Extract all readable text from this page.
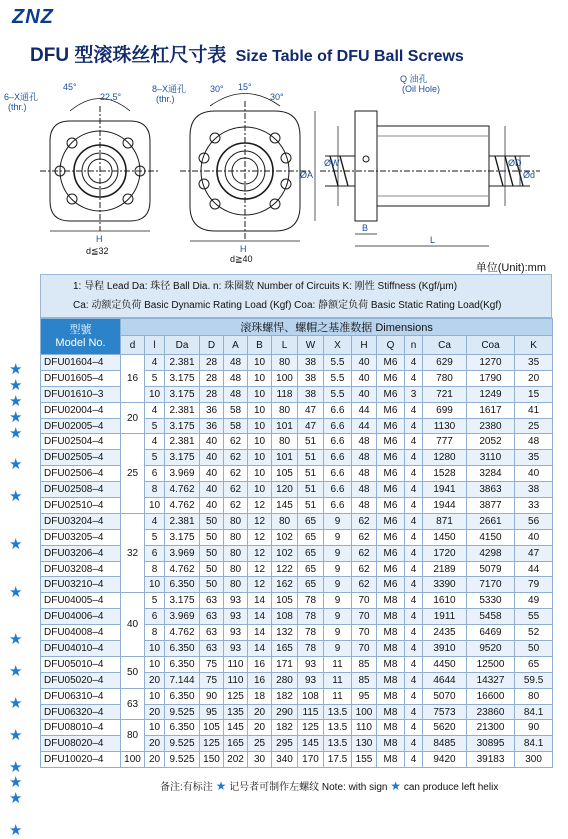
ZNZ
DFU 型滚珠丝杠尺寸表 Size Table of DFU Ball Screws
6–X通孔
(thr.)
45°
22.5°
H
d≦32
8–X通孔
(thr.)
30° 15°
30°
H
d≧40
Q 油孔
(Oil Hole)
ØA
ØW	ØD
Ød
B
L
单位(Unit):mm
1: 导程 Lead Da: 珠径 Ball Dia. n: 珠圈数 Number of Circuits K: 刚性 Stiffness (Kgf/µm)
Ca: 动额定负荷 Basic Dynamic Rating Load (Kgf) Coa: 静额定负荷 Basic Static Rating Load(Kgf)
型號
Model No.	滚珠螺悍、螺帽之基准数据 Dimensions														
	d	l	Da	D	A	B	L	W	X	H	Q	n	Ca	Coa	K
DFU01604–4	16	4	2.381	28	48	10	80	38	5.5	40	M6	4	629	1270	35
DFU01605–4		5	3.175	28	48	10	100	38	5.5	40	M6	4	780	1790	20
DFU01610–3		10	3.175	28	48	10	118	38	5.5	40	M6	3	721	1249	15
DFU02004–4	20	4	2.381	36	58	10	80	47	6.6	44	M6	4	699	1617	41
DFU02005–4		5	3.175	36	58	10	101	47	6.6	44	M6	4	1130	2380	25
DFU02504–4	25	4	2.381	40	62	10	80	51	6.6	48	M6	4	777	2052	48
DFU02505–4		5	3.175	40	62	10	101	51	6.6	48	M6	4	1280	3110	35
DFU02506–4		6	3.969	40	62	10	105	51	6.6	48	M6	4	1528	3284	40
DFU02508–4		8	4.762	40	62	10	120	51	6.6	48	M6	4	1941	3863	38
DFU02510–4		10	4.762	40	62	12	145	51	6.6	48	M6	4	1944	3877	33
DFU03204–4	32	4	2.381	50	80	12	80	65	9	62	M6	4	871	2661	56
DFU03205–4		5	3.175	50	80	12	102	65	9	62	M6	4	1450	4150	40
DFU03206–4		6	3.969	50	80	12	102	65	9	62	M6	4	1720	4298	47
DFU03208–4		8	4.762	50	80	12	122	65	9	62	M6	4	2189	5079	44
DFU03210–4		10	6.350	50	80	12	162	65	9	62	M6	4	3390	7170	79
DFU04005–4	40	5	3.175	63	93	14	105	78	9	70	M8	4	1610	5330	49
DFU04006–4		6	3.969	63	93	14	108	78	9	70	M8	4	1911	5458	55
DFU04008–4		8	4.762	63	93	14	132	78	9	70	M8	4	2435	6469	52
DFU04010–4		10	6.350	63	93	14	165	78	9	70	M8	4	3910	9520	50
DFU05010–4	50	10	6.350	75	110	16	171	93	11	85	M8	4	4450	12500	65
DFU05020–4		20	7.144	75	110	16	280	93	11	85	M8	4	4644	14327	59.5
DFU06310–4	63	10	6.350	90	125	18	182	108	11	95	M8	4	5070	16600	80
DFU06320–4		20	9.525	95	135	20	290	115	13.5	100	M8	4	7573	23860	84.1
DFU08010–4	80	10	6.350	105	145	20	182	125	13.5	110	M8	4	5620	21300	90
DFU08020–4		20	9.525	125	165	25	295	145	13.5	130	M8	4	8485	30895	84.1
DFU10020–4	100	20	9.525	150	202	30	340	170	17.5	155	M8	4	9420	39183	300
★
★
★
★
★
★
★
★
★
★
★
★
★
★
★
★
★
备注:有标注 ★ 记号者可制作左螺纹 Note: with sign ★ can produce left helix
